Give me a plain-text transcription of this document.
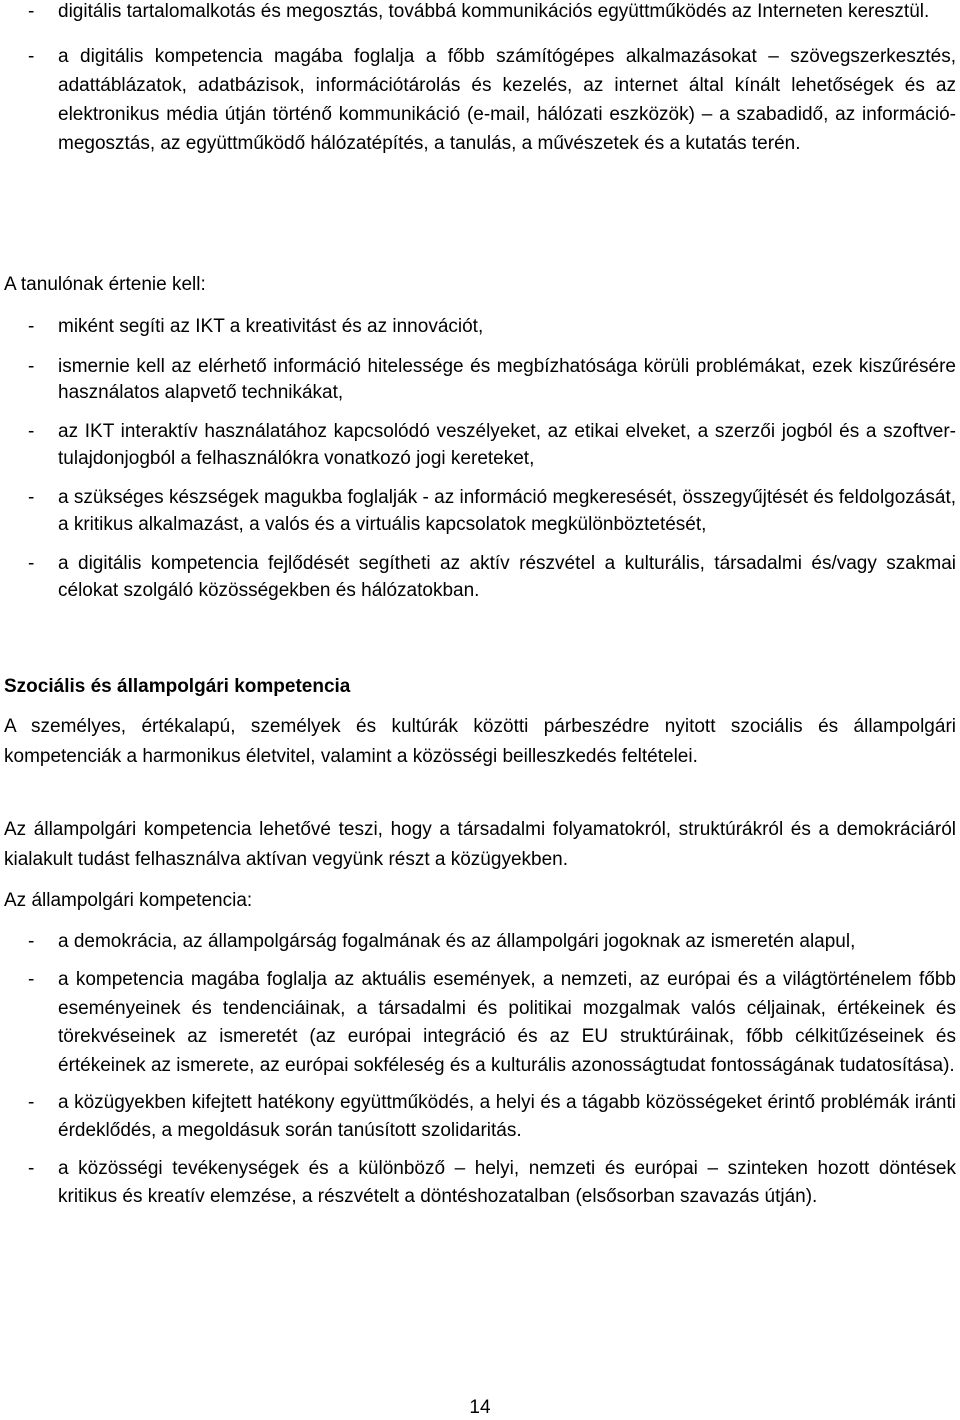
- digitális tartalomalkotás és megosztás, továbbá kommunikációs együttműködés az Interneten keresztül.
- a digitális kompetencia magába foglalja a főbb számítógépes alkalmazásokat – szövegszerkesztés, adattáblázatok, adatbázisok, információtárolás és kezelés, az internet által kínált lehetőségek és az elektronikus média útján történő kommunikáció (e-mail, hálózati eszközök) – a szabadidő, az információ-megosztás, az együttműködő hálózatépítés, a tanulás, a művészetek és a kutatás terén.

A tanulónak értenie kell:

- miként segíti az IKT a kreativitást és az innovációt,
- ismernie kell az elérhető információ hitelessége és megbízhatósága körüli problémákat, ezek kiszűrésére használatos alapvető technikákat,
- az IKT interaktív használatához kapcsolódó veszélyeket, az etikai elveket, a szerzői jogból és a szoftver-tulajdonjogból a felhasználókra vonatkozó jogi kereteket,
- a szükséges készségek magukba foglalják - az információ megkeresését, összegyűjtését és feldolgozását, a kritikus alkalmazást, a valós és a virtuális kapcsolatok megkülönböztetését,
- a digitális kompetencia fejlődését segítheti az aktív részvétel a kulturális, társadalmi és/vagy szakmai célokat szolgáló közösségekben és hálózatokban.
Szociális és állampolgári kompetencia

A személyes, értékalapú, személyek és kultúrák közötti párbeszédre nyitott szociális és állampolgári kompetenciák a harmonikus életvitel, valamint a közösségi beilleszkedés feltételei.

Az állampolgári kompetencia lehetővé teszi, hogy a társadalmi folyamatokról, struktúrákról és a demokráciáról kialakult tudást felhasználva aktívan vegyünk részt a közügyekben.

Az állampolgári kompetencia:

- a demokrácia, az állampolgárság fogalmának és az állampolgári jogoknak az ismeretén alapul,
- a kompetencia magába foglalja az aktuális események, a nemzeti, az európai és a világtörténelem főbb eseményeinek és tendenciáinak, a társadalmi és politikai mozgalmak valós céljainak, értékeinek és törekvéseinek az ismeretét (az európai integráció és az EU struktúráinak, főbb célkitűzéseinek és értékeinek az ismerete, az európai sokféleség és a kulturális azonosságtudat fontosságának tudatosítása).
- a közügyekben kifejtett hatékony együttműködés, a helyi és a tágabb közösségeket érintő problémák iránti érdeklődés, a megoldásuk során tanúsított szolidaritás.
- a közösségi tevékenységek és a különböző – helyi, nemzeti és európai – szinteken hozott döntések kritikus és kreatív elemzése, a részvételt a döntéshozatalban (elsősorban szavazás útján).
14
